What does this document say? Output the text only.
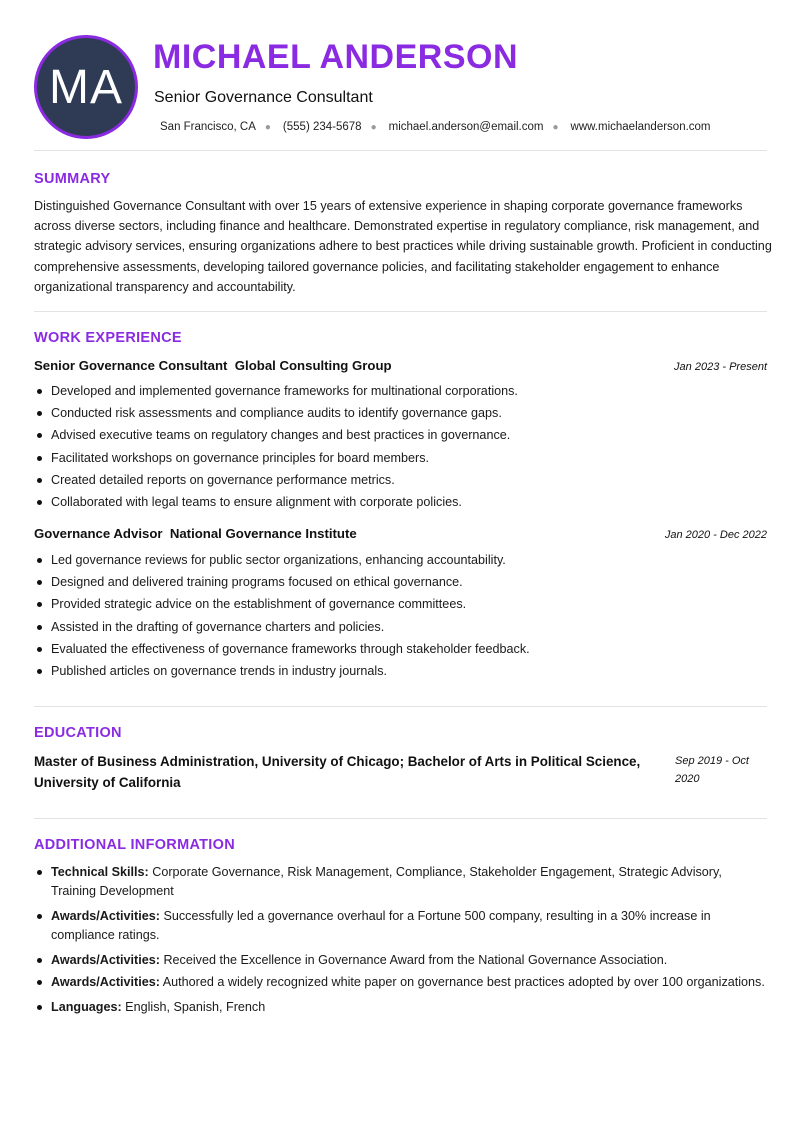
MA
MICHAEL ANDERSON
Senior Governance Consultant
San Francisco, CA ● (555) 234-5678 ● michael.anderson@email.com ● www.michaelanderson.com
SUMMARY

Distinguished Governance Consultant with over 15 years of extensive experience in shaping corporate governance frameworks across diverse sectors, including finance and healthcare. Demonstrated expertise in regulatory compliance, risk management, and strategic advisory services, ensuring organizations adhere to best practices while driving sustainable growth. Proficient in conducting comprehensive assessments, developing tailored governance policies, and facilitating stakeholder engagement to enhance organizational transparency and accountability.

WORK EXPERIENCE
Senior Governance Consultant  Global Consulting Group	Jan 2023 - Present
Developed and implemented governance frameworks for multinational corporations.
Conducted risk assessments and compliance audits to identify governance gaps.
Advised executive teams on regulatory changes and best practices in governance.
Facilitated workshops on governance principles for board members.
Created detailed reports on governance performance metrics.
Collaborated with legal teams to ensure alignment with corporate policies.
Governance Advisor  National Governance Institute	Jan 2020 - Dec 2022
Led governance reviews for public sector organizations, enhancing accountability.
Designed and delivered training programs focused on ethical governance.
Provided strategic advice on the establishment of governance committees.
Assisted in the drafting of governance charters and policies.
Evaluated the effectiveness of governance frameworks through stakeholder feedback.
Published articles on governance trends in industry journals.
EDUCATION
Master of Business Administration, University of Chicago; Bachelor of Arts in Political Science, University of California
Sep 2019 - Oct 2020
ADDITIONAL INFORMATION
Technical Skills: Corporate Governance, Risk Management, Compliance, Stakeholder Engagement, Strategic Advisory, Training Development
Awards/Activities: Successfully led a governance overhaul for a Fortune 500 company, resulting in a 30% increase in compliance ratings.
Awards/Activities: Received the Excellence in Governance Award from the National Governance Association.
Awards/Activities: Authored a widely recognized white paper on governance best practices adopted by over 100 organizations.
Languages: English, Spanish, French
